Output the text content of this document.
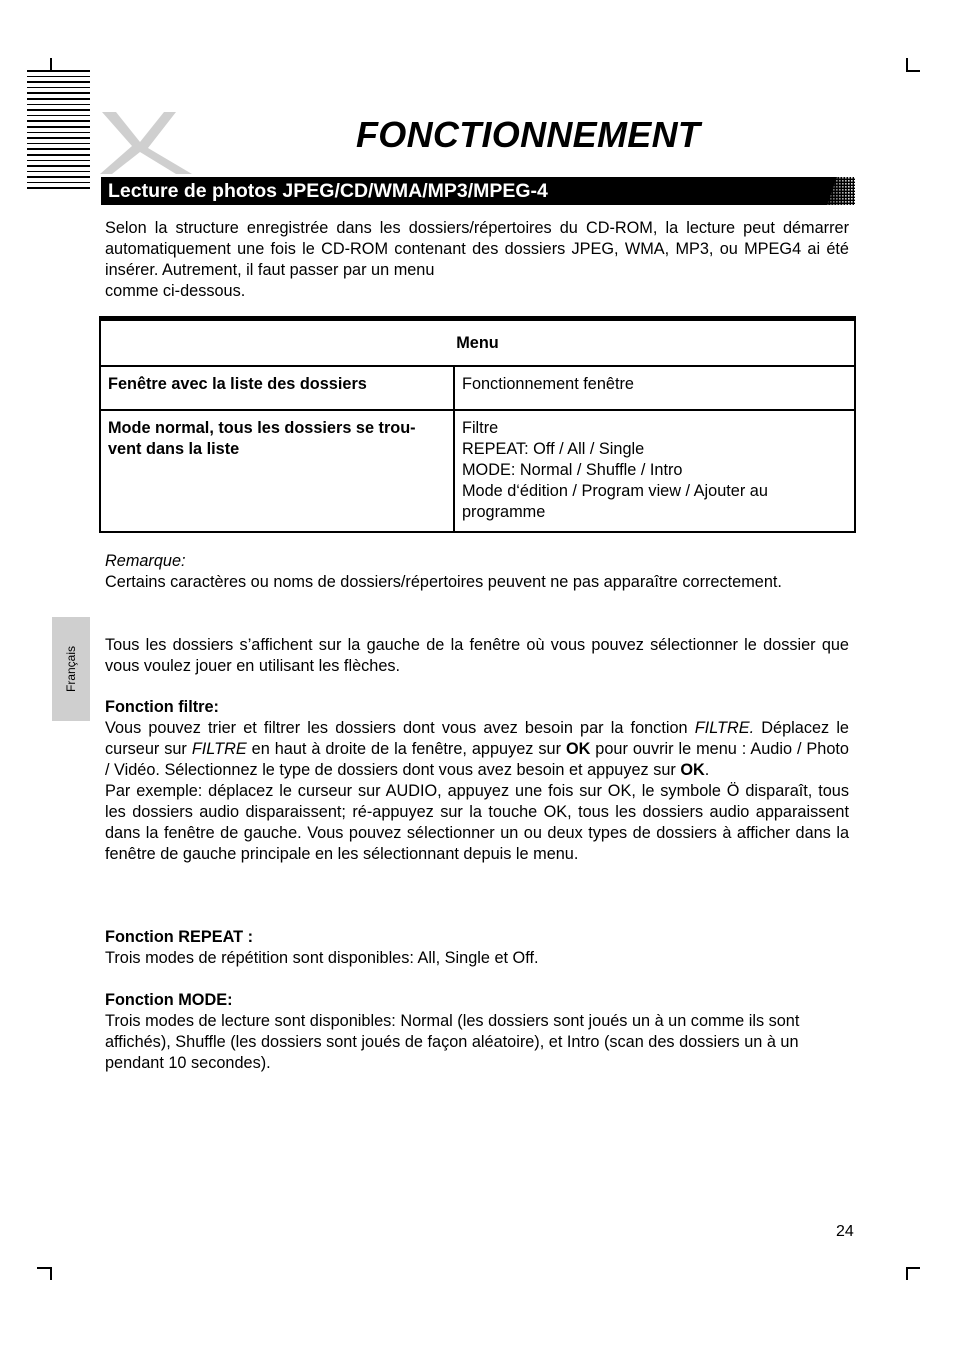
FONCTIONNEMENT
Lecture de photos JPEG/CD/WMA/MP3/MPEG-4

Selon la structure enregistrée dans les dossiers/répertoires du CD-ROM, la lecture peut démarrer automatiquement une fois le CD-ROM contenant des dossiers JPEG, WMA, MP3, ou MPEG4 ai été insérer. Autrement, il faut passer par un menu
comme ci-dessous.

Menu	
Fenêtre avec la liste des dossiers	Fonctionnement fenêtre
Mode normal, tous les dossiers se trou-vent dans la liste	Filtre
REPEAT: Off / All / Single
MODE: Normal / Shuffle / Intro
Mode d‘édition / Program view / Ajouter au programme
Remarque:
Certains caractères ou noms de dossiers/répertoires peuvent ne pas apparaître correctement.

Tous les dossiers s’affichent sur la gauche de la fenêtre où vous pouvez sélectionner le dossier que vous voulez jouer en utilisant les flèches.

Français
Fonction filtre:
Vous pouvez trier et filtrer les dossiers dont vous avez besoin par la fonction FILTRE. Déplacez le curseur sur FILTRE en haut à droite de la fenêtre, appuyez sur OK pour ouvrir le menu : Audio / Photo / Vidéo. Sélectionnez le type de dossiers dont vous avez besoin et appuyez sur OK.
Par exemple: déplacez le curseur sur AUDIO, appuyez une fois sur OK, le symbole Ö disparaît, tous les dossiers audio disparaissent; ré-appuyez sur la touche OK, tous les dossiers audio apparaissent dans la fenêtre de gauche. Vous pouvez sélectionner un ou deux types de dossiers à afficher dans la fenêtre de gauche principale en les sélectionnant depuis le menu.
Fonction REPEAT :
Trois modes de répétition sont disponibles: All, Single et Off.
Fonction MODE:
Trois modes de lecture sont disponibles: Normal (les dossiers sont joués un à un comme ils sont affichés), Shuffle (les dossiers sont joués de façon aléatoire), et Intro (scan des dossiers un à un pendant 10 secondes).

24
